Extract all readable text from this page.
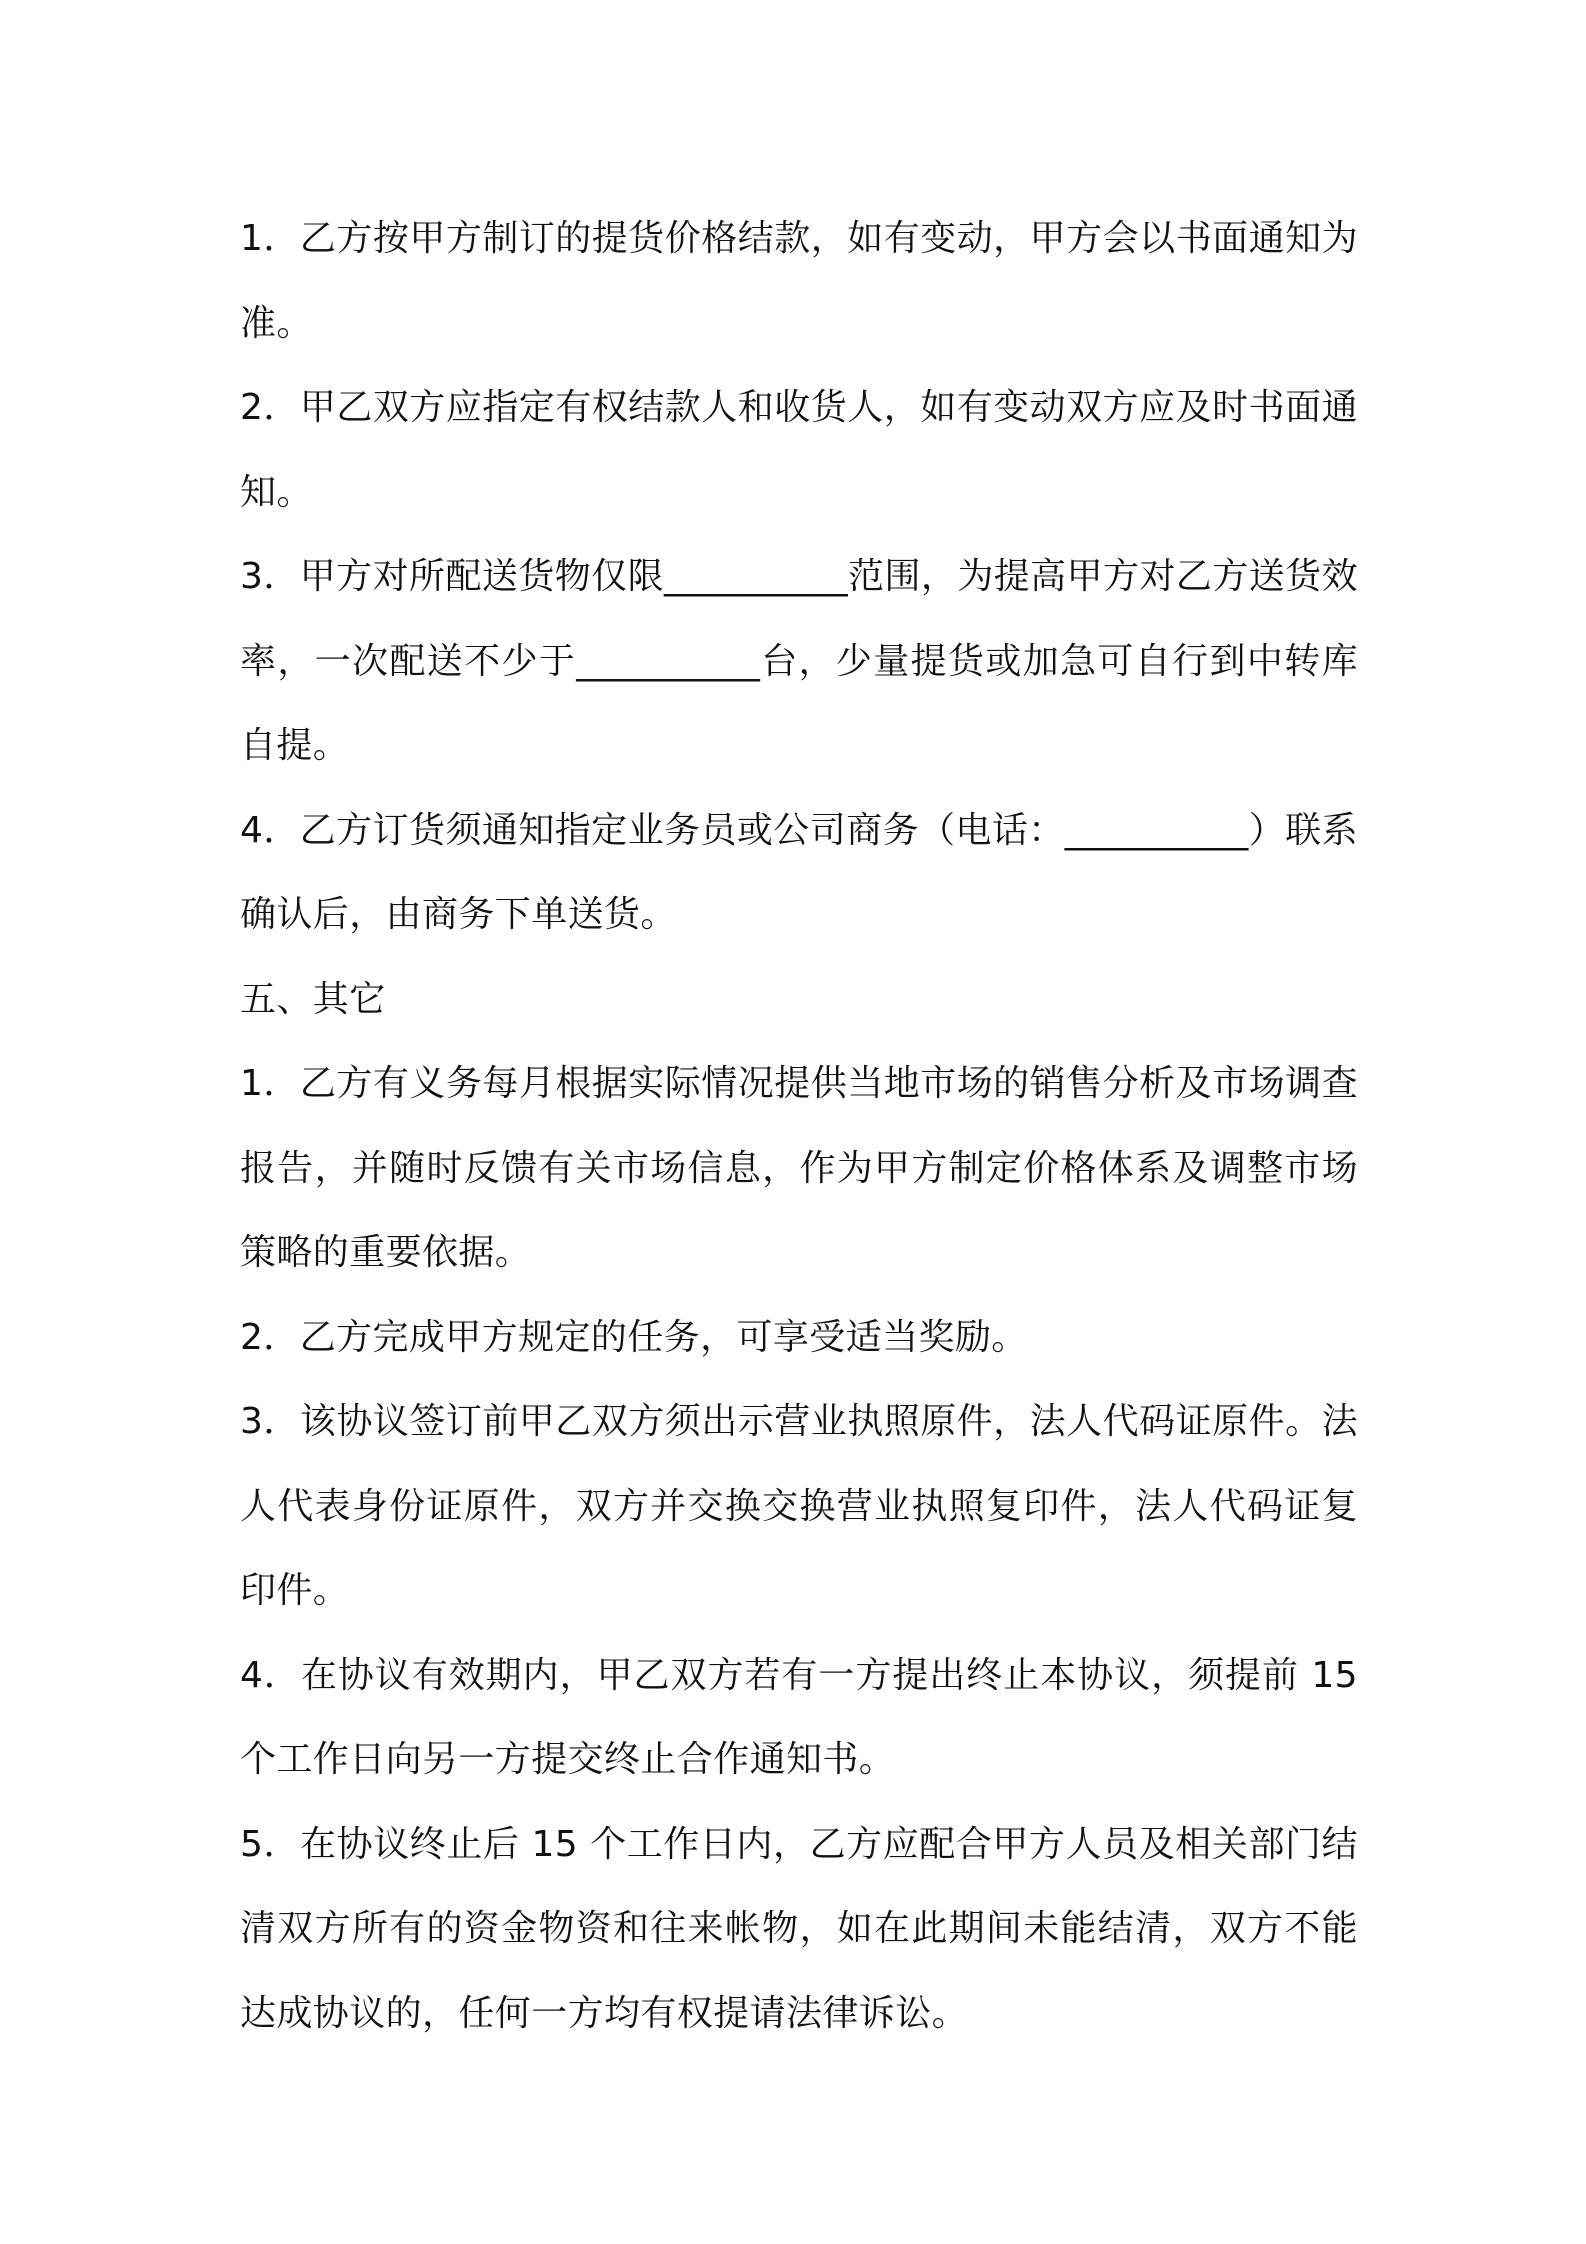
1．乙方按甲方制订的提货价格结款，如有变动，甲方会以书面通知为准。

2．甲乙双方应指定有权结款人和收货人，如有变动双方应及时书面通知。

3．甲方对所配送货物仅限__________范围，为提高甲方对乙方送货效率，一次配送不少于__________台，少量提货或加急可自行到中转库自提。

4．乙方订货须通知指定业务员或公司商务（电话：__________）联系确认后，由商务下单送货。

五、其它

1．乙方有义务每月根据实际情况提供当地市场的销售分析及市场调查报告，并随时反馈有关市场信息，作为甲方制定价格体系及调整市场策略的重要依据。

2．乙方完成甲方规定的任务，可享受适当奖励。

3．该协议签订前甲乙双方须出示营业执照原件，法人代码证原件。法人代表身份证原件，双方并交换交换营业执照复印件，法人代码证复印件。

4．在协议有效期内，甲乙双方若有一方提出终止本协议，须提前 15 个工作日向另一方提交终止合作通知书。

5．在协议终止后 15 个工作日内，乙方应配合甲方人员及相关部门结清双方所有的资金物资和往来帐物，如在此期间未能结清，双方不能达成协议的，任何一方均有权提请法律诉讼。
